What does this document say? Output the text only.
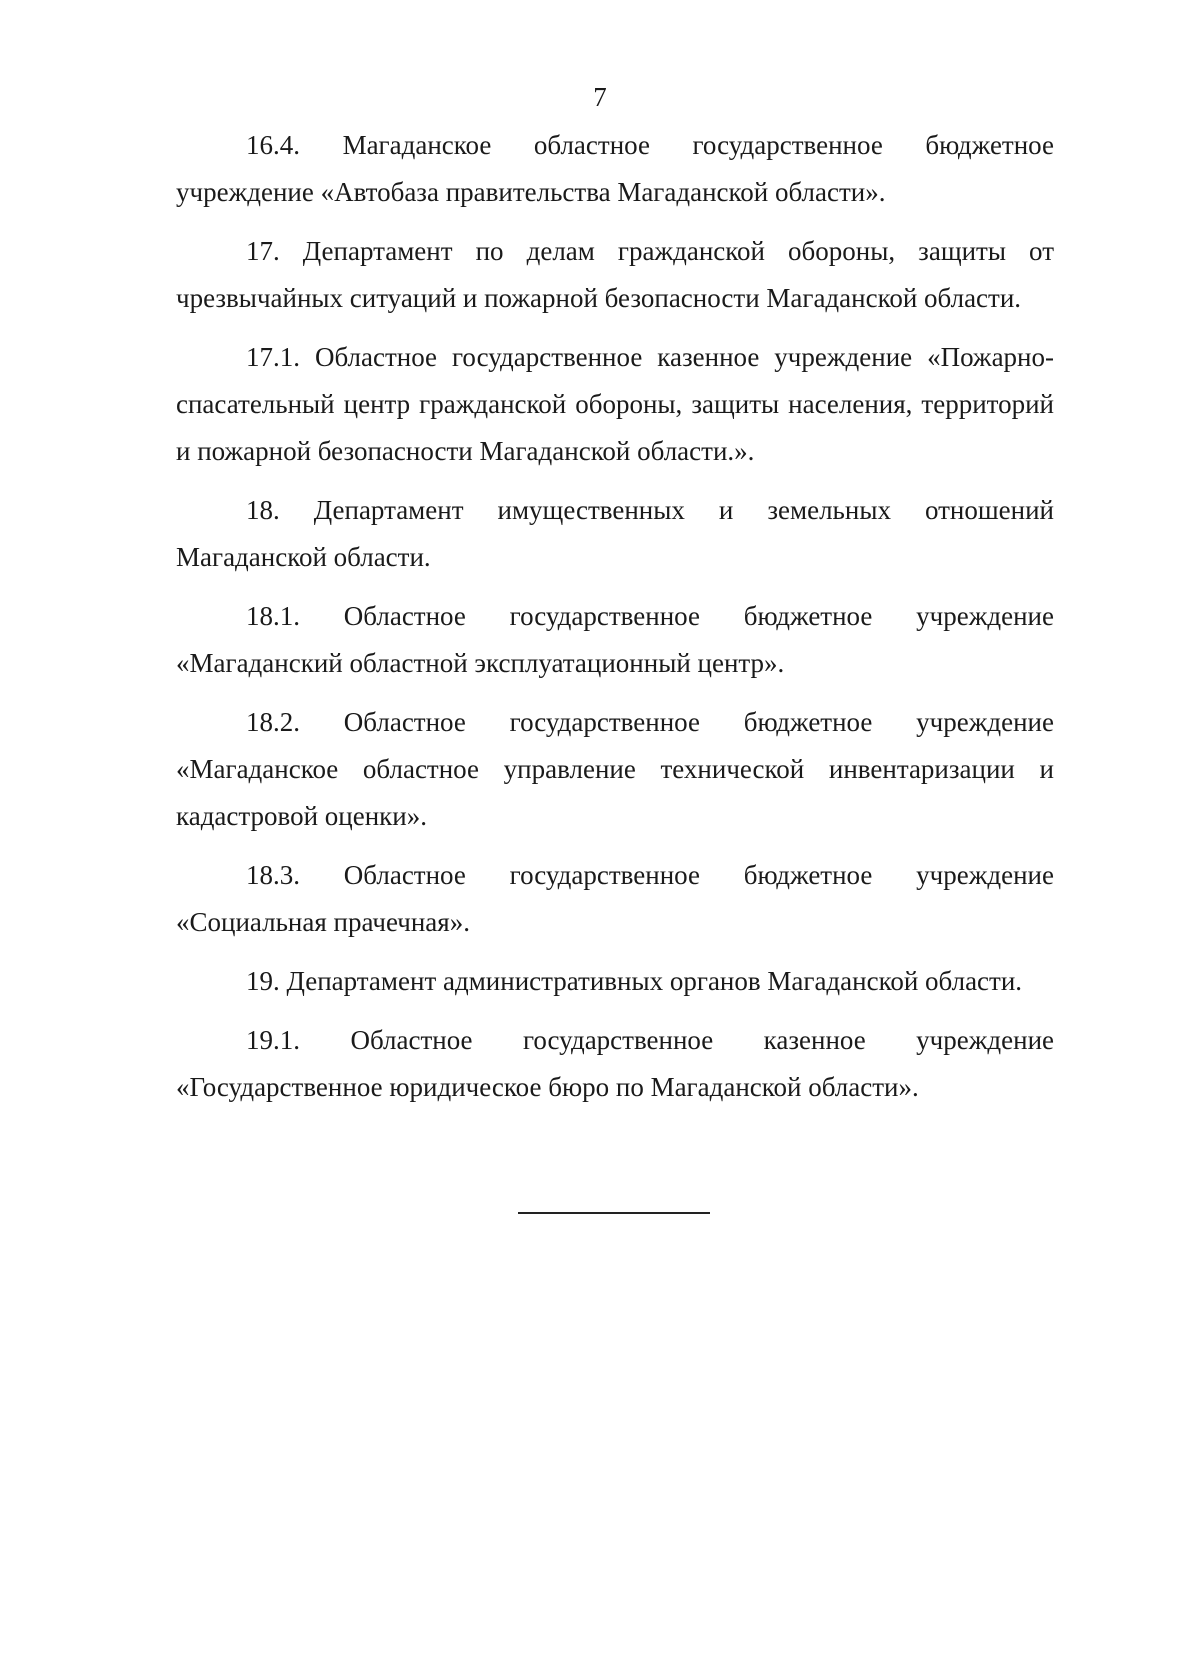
7

16.4. Магаданское областное государственное бюджетное учреждение «Автобаза правительства Магаданской области».

17. Департамент по делам гражданской обороны, защиты от чрезвычайных ситуаций и пожарной безопасности Магаданской области.

17.1. Областное государственное казенное учреждение «Пожарно-спасательный центр гражданской обороны, защиты населения, территорий и пожарной безопасности Магаданской области.».

18. Департамент имущественных и земельных отношений Магаданской области.

18.1. Областное государственное бюджетное учреждение «Магаданский областной эксплуатационный центр».

18.2. Областное государственное бюджетное учреждение «Магаданское областное управление технической инвентаризации и кадастровой оценки».

18.3. Областное государственное бюджетное учреждение «Социальная прачечная».

19. Департамент административных органов Магаданской области.

19.1. Областное государственное казенное учреждение «Государственное юридическое бюро по Магаданской области».
